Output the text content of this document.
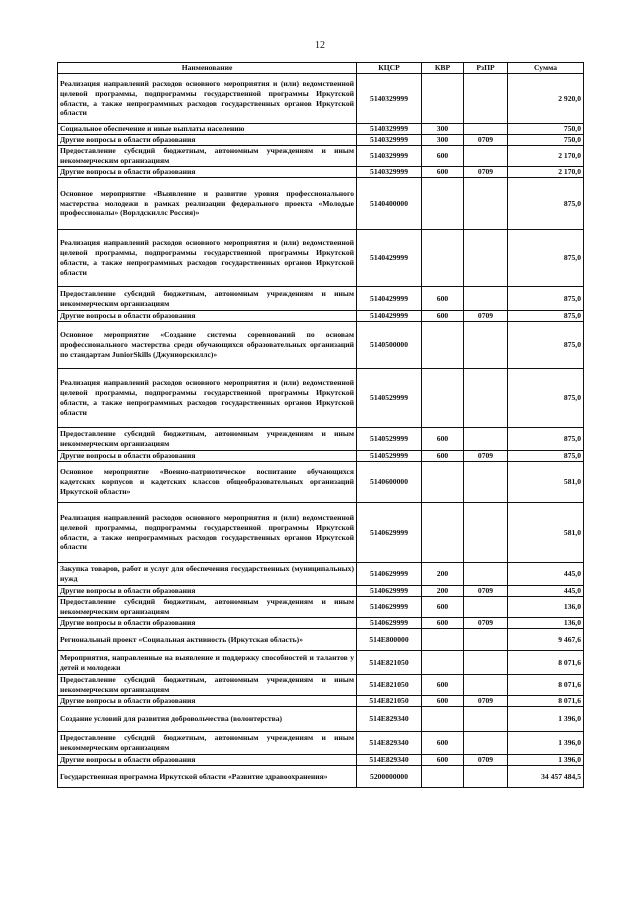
12
Наименование	КЦСР	КВР	РзПР	Сумма
Реализация направлений расходов основного мероприятия и (или) ведомственной целевой программы, подпрограммы государственной программы Иркутской области, а также непрограммных расходов государственных органов Иркутской области	5140329999			2 920,0
Социальное обеспечение и иные выплаты населению	5140329999	300		750,0
Другие вопросы в области образования	5140329999	300	0709	750,0
Предоставление субсидий бюджетным, автономным учреждениям и иным некоммерческим организациям	5140329999	600		2 170,0
Другие вопросы в области образования	5140329999	600	0709	2 170,0
Основное мероприятие «Выявление и развитие уровня профессионального мастерства молодежи в рамках реализации федерального проекта «Молодые профессионалы» (Ворлдскиллс Россия)»	5140400000			875,0
Реализация направлений расходов основного мероприятия и (или) ведомственной целевой программы, подпрограммы государственной программы Иркутской области, а также непрограммных расходов государственных органов Иркутской области	5140429999			875,0
Предоставление субсидий бюджетным, автономным учреждениям и иным некоммерческим организациям	5140429999	600		875,0
Другие вопросы в области образования	5140429999	600	0709	875,0
Основное мероприятие «Создание системы соревнований по основам профессионального мастерства среди обучающихся образовательных организаций по стандартам JuniorSkills (Джуниорскиллс)»	5140500000			875,0
Реализация направлений расходов основного мероприятия и (или) ведомственной целевой программы, подпрограммы государственной программы Иркутской области, а также непрограммных расходов государственных органов Иркутской области	5140529999			875,0
Предоставление субсидий бюджетным, автономным учреждениям и иным некоммерческим организациям	5140529999	600		875,0
Другие вопросы в области образования	5140529999	600	0709	875,0
Основное мероприятие «Военно-патриотическое воспитание обучающихся кадетских корпусов и кадетских классов общеобразовательных организаций Иркутской области»	5140600000			581,0
Реализация направлений расходов основного мероприятия и (или) ведомственной целевой программы, подпрограммы государственной программы Иркутской области, а также непрограммных расходов государственных органов Иркутской области	5140629999			581,0
Закупка товаров, работ и услуг для обеспечения государственных (муниципальных) нужд	5140629999	200		445,0
Другие вопросы в области образования	5140629999	200	0709	445,0
Предоставление субсидий бюджетным, автономным учреждениям и иным некоммерческим организациям	5140629999	600		136,0
Другие вопросы в области образования	5140629999	600	0709	136,0
Региональный проект «Социальная активность (Иркутская область)»	514E800000			9 467,6
Мероприятия, направленные на выявление и поддержку способностей и талантов у детей и молодежи	514E821050			8 071,6
Предоставление субсидий бюджетным, автономным учреждениям и иным некоммерческим организациям	514E821050	600		8 071,6
Другие вопросы в области образования	514E821050	600	0709	8 071,6
Создание условий для развития добровольчества (волонтерства)	514E829340			1 396,0
Предоставление субсидий бюджетным, автономным учреждениям и иным некоммерческим организациям	514E829340	600		1 396,0
Другие вопросы в области образования	514E829340	600	0709	1 396,0
Государственная программа Иркутской области «Развитие здравоохранения»	5200000000			34 457 484,5
